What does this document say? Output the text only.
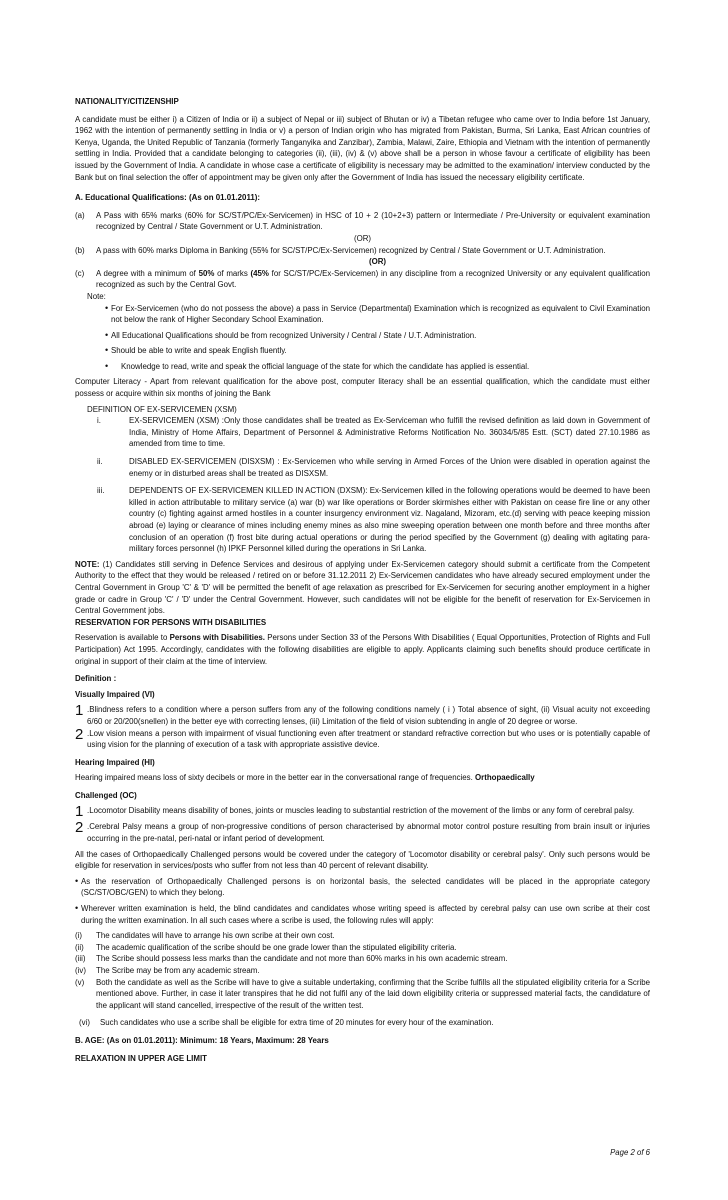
NATIONALITY/CITIZENSHIP
A candidate must be either i) a Citizen of India or ii) a subject of Nepal or iii) subject of Bhutan or iv) a Tibetan refugee who came over to India before 1st January, 1962 with the intention of permanently settling in India or v) a person of Indian origin who has migrated from Pakistan, Burma, Sri Lanka, East African countries of Kenya, Uganda, the United Republic of Tanzania (formerly Tanganyika and Zanzibar), Zambia, Malawi, Zaire, Ethiopia and Vietnam with the intention of permanently settling in India. Provided that a candidate belonging to categories (ii), (iii), (iv) & (v) above shall be a person in whose favour a certificate of eligibility has been issued by the Government of India. A candidate in whose case a certificate of eligibility is necessary may be admitted to the examination/ interview conducted by the Bank but on final selection the offer of appointment may be given only after the Government of India has issued the necessary eligibility certificate.
A. Educational Qualifications: (As on 01.01.2011):
(a)	A Pass with 65% marks (60% for SC/ST/PC/Ex-Servicemen) in HSC of 10 + 2 (10+2+3) pattern or Intermediate / Pre-University or equivalent examination recognized by Central / State Government or U.T. Administration.
(OR)
(b)	A pass with 60% marks Diploma in Banking (55% for SC/ST/PC/Ex-Servicemen) recognized by Central / State Government or U.T. Administration.
(OR)
(c)	A degree with a minimum of 50% of marks (45% for SC/ST/PC/Ex-Servicemen) in any discipline from a recognized University or any equivalent qualification recognized as such by the Central Govt.
Note:
• For Ex-Servicemen (who do not possess the above) a pass in Service (Departmental) Examination which is recognized as equivalent to Civil Examination not below the rank of Higher Secondary School Examination.
• All Educational Qualifications should be from recognized University / Central / State / U.T. Administration.
• Should be able to write and speak English fluently.
•	Knowledge to read, write and speak the official language of the state for which the candidate has applied is essential.
Computer Literacy - Apart from relevant qualification for the above post, computer literacy shall be an essential qualification, which the candidate must either possess or acquire within six months of joining the Bank
DEFINITION OF EX-SERVICEMEN (XSM)
i.	EX-SERVICEMEN (XSM) :Only those candidates shall be treated as Ex-Serviceman who fulfill the revised definition as laid down in Government of India, Ministry of Home Affairs, Department of Personnel & Administrative Reforms Notification No. 36034/5/85 Estt. (SCT) dated 27.10.1986 as amended from time to time.
ii.	DISABLED EX-SERVICEMEN (DISXSM) : Ex-Servicemen who while serving in Armed Forces of the Union were disabled in operation against the enemy or in disturbed areas shall be treated as DISXSM.
iii.	DEPENDENTS OF EX-SERVICEMEN KILLED IN ACTION (DXSM): Ex-Servicemen killed in the following operations would be deemed to have been killed in action attributable to military service (a) war (b) war like operations or Border skirmishes either with Pakistan on cease fire line or any other country (c) fighting against armed hostiles in a counter insurgency environment viz. Nagaland, Mizoram, etc.(d) serving with peace keeping mission abroad (e) laying or clearance of mines including enemy mines as also mine sweeping operation between one month before and three months after conclusion of an operation (f) frost bite during actual operations or during the period specified by the Government (g) dealing with agitating para-military forces personnel (h) IPKF Personnel killed during the operations in Sri Lanka.
NOTE: (1) Candidates still serving in Defence Services and desirous of applying under Ex-Servicemen category should submit a certificate from the Competent Authority to the effect that they would be released / retired on or before 31.12.2011 2) Ex-Servicemen candidates who have already secured employment under the Central Government in Group 'C' & 'D' will be permitted the benefit of age relaxation as prescribed for Ex-Servicemen for securing another employment in a higher grade or cadre in Group 'C' / 'D' under the Central Government. However, such candidates will not be eligible for the benefit of reservation for Ex-Servicemen in Central Government jobs.
RESERVATION FOR PERSONS WITH DISABILITIES
Reservation is available to Persons with Disabilities. Persons under Section 33 of the Persons With Disabilities ( Equal Opportunities, Protection of Rights and Full Participation) Act 1995. Accordingly, candidates with the following disabilities are eligible to apply. Applicants claiming such benefits should produce certificate in original in support of their claim at the time of interview.
Definition :
Visually Impaired (VI)
1 .Blindness refers to a condition where a person suffers from any of the following conditions namely ( i ) Total absence of sight, (ii) Visual acuity not exceeding 6/60 or 20/200(snellen) in the better eye with correcting lenses, (iii) Limitation of the field of vision subtending in angle of 20 degree or worse.
2 .Low vision means a person with impairment of visual functioning even after treatment or standard refractive correction but who uses or is potentially capable of using vision for the planning of execution of a task with appropriate assistive device.
Hearing Impaired (HI)
Hearing impaired means loss of sixty decibels or more in the better ear in the conversational range of frequencies. Orthopaedically
Challenged (OC)
1 .Locomotor Disability means disability of bones, joints or muscles leading to substantial restriction of the movement of the limbs or any form of cerebral palsy.
2 .Cerebral Palsy means a group of non-progressive conditions of person characterised by abnormal motor control posture resulting from brain insult or injuries occurring in the pre-natal, peri-natal or infant period of development.
All the cases of Orthopaedically Challenged persons would be covered under the category of 'Locomotor disability or cerebral palsy'. Only such persons would be eligible for reservation in services/posts who suffer from not less than 40 percent of relevant disability.
• As the reservation of Orthopaedically Challenged persons is on horizontal basis, the selected candidates will be placed in the appropriate category (SC/ST/OBC/GEN) to which they belong.
• Wherever written examination is held, the blind candidates and candidates whose writing speed is affected by cerebral palsy can use own scribe at their cost during the written examination. In all such cases where a scribe is used, the following rules will apply:
(i)	The candidates will have to arrange his own scribe at their own cost.
(ii)	The academic qualification of the scribe should be one grade lower than the stipulated eligibility criteria.
(iii)	The Scribe should possess less marks than the candidate and not more than 60% marks in his own academic stream.
(iv)	The Scribe may be from any academic stream.
(v)	Both the candidate as well as the Scribe will have to give a suitable undertaking, confirming that the Scribe fulfills all the stipulated eligibility criteria for a Scribe mentioned above. Further, in case it later transpires that he did not fulfil any of the laid down eligibility criteria or suppressed material facts, the candidature of the applicant will stand cancelled, irrespective of the result of the written test.
(vi)	Such candidates who use a scribe shall be eligible for extra time of 20 minutes for every hour of the examination.
B. AGE: (As on 01.01.2011): Minimum: 18 Years, Maximum: 28 Years
RELAXATION IN UPPER AGE LIMIT
Page 2 of 6
